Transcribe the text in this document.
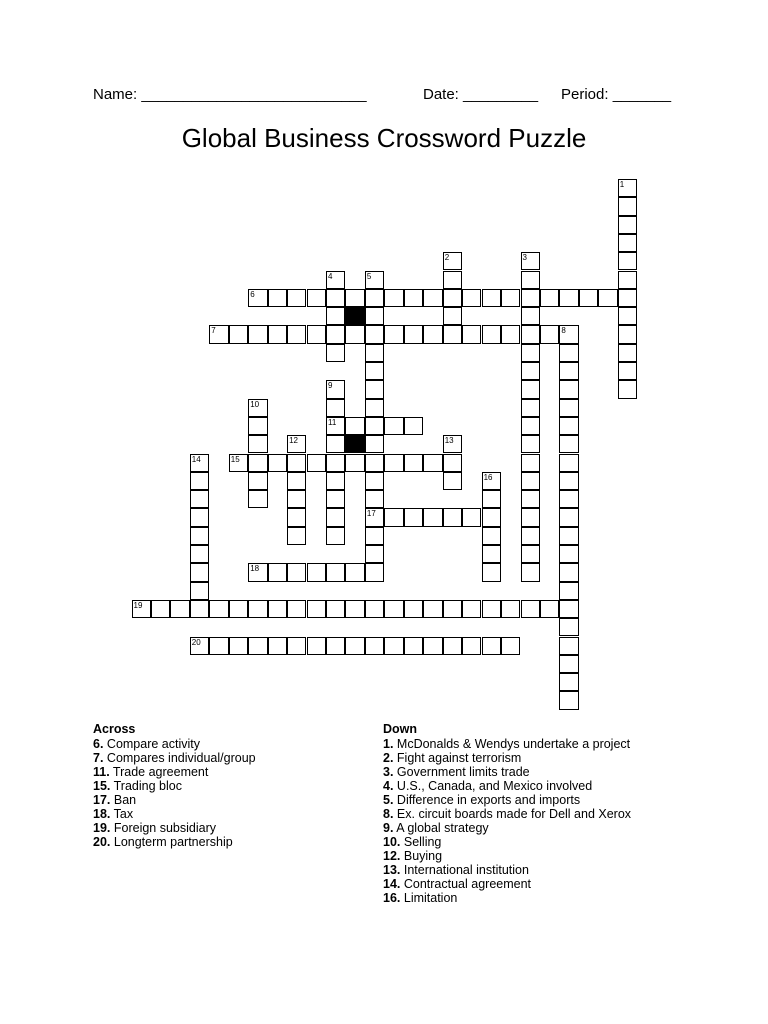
Name: ___________________________	Date: _________ Period: _______
Global Business Crossword Puzzle
1
2	3
4	5
17
6
7	8
9
11
10
12	13
14	15
16
18
19
20
Across
6. Compare activity
7. Compares individual/group
11. Trade agreement
15. Trading bloc
17. Ban
18. Tax
19. Foreign subsidiary
20. Longterm partnership
Down
1. McDonalds & Wendys undertake a project
2. Fight against terrorism
3. Government limits trade
4. U.S., Canada, and Mexico involved
5. Difference in exports and imports
8. Ex. circuit boards made for Dell and Xerox
9. A global strategy
10. Selling
12. Buying
13. International institution
14. Contractual agreement
16. Limitation
